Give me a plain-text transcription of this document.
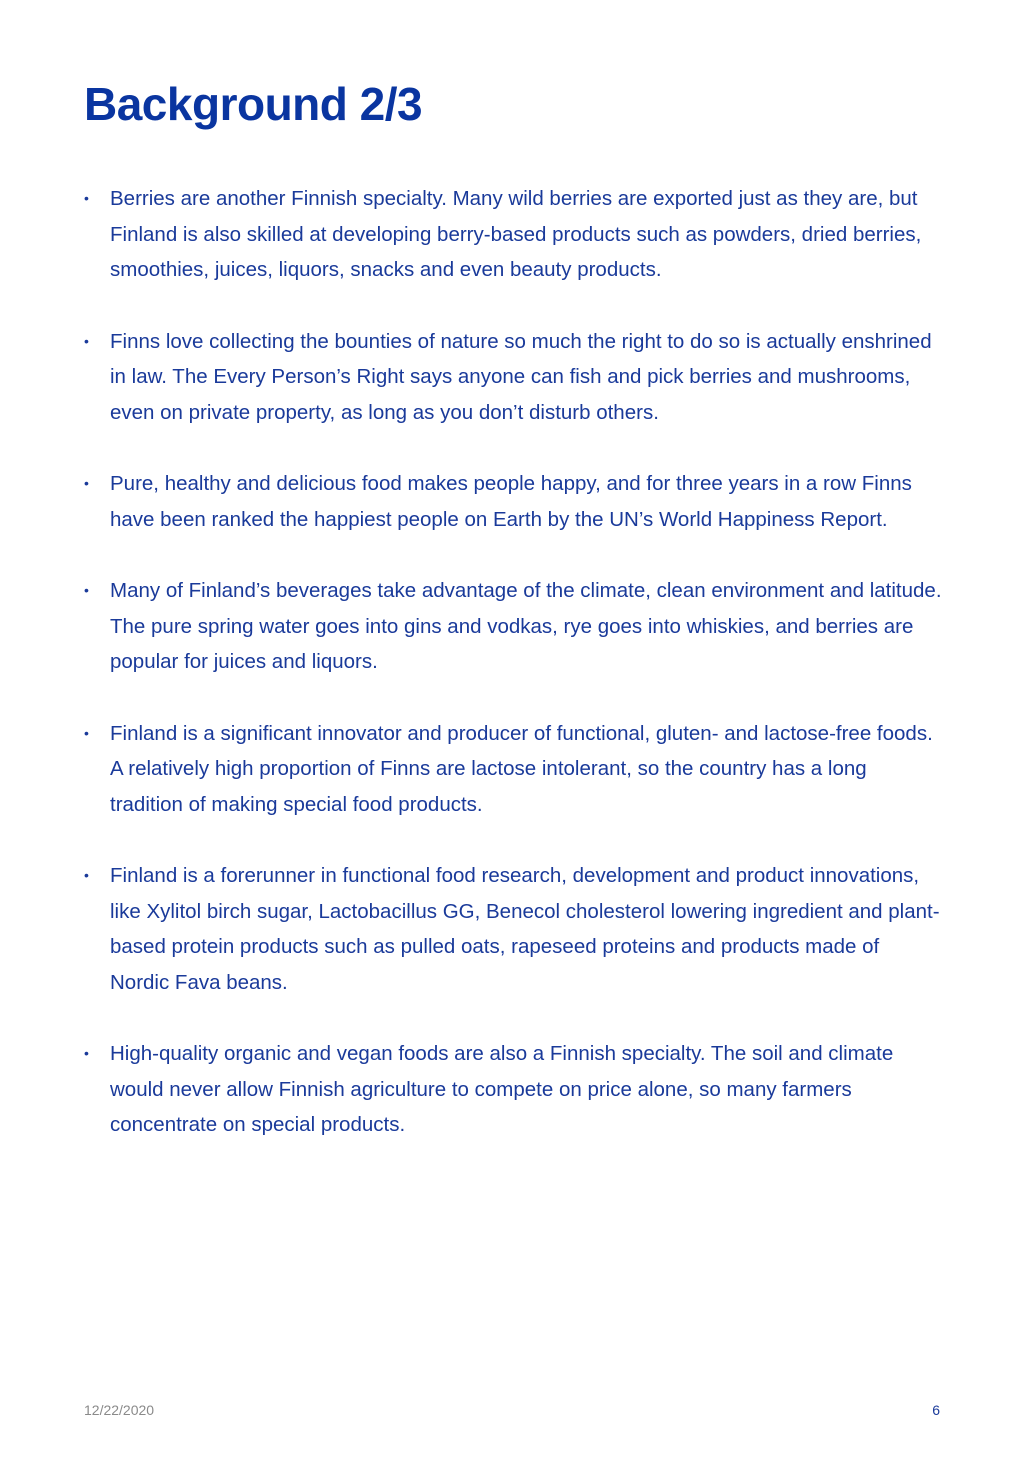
Background 2/3
• Berries are another Finnish specialty. Many wild berries are exported just as they are, but Finland is also skilled at developing berry-based products such as powders, dried berries, smoothies, juices, liquors, snacks and even beauty products.
• Finns love collecting the bounties of nature so much the right to do so is actually enshrined in law. The Every Person’s Right says anyone can fish and pick berries and mushrooms, even on private property, as long as you don’t disturb others.
• Pure, healthy and delicious food makes people happy, and for three years in a row Finns have been ranked the happiest people on Earth by the UN’s World Happiness Report.
• Many of Finland’s beverages take advantage of the climate, clean environment and latitude. The pure spring water goes into gins and vodkas, rye goes into whiskies, and berries are popular for juices and liquors.
• Finland is a significant innovator and producer of functional, gluten- and lactose-free foods. A relatively high proportion of Finns are lactose intolerant, so the country has a long tradition of making special food products.
• Finland is a forerunner in functional food research, development and product innovations, like Xylitol birch sugar, Lactobacillus GG, Benecol cholesterol lowering ingredient and plant-based protein products such as pulled oats, rapeseed proteins and products made of Nordic Fava beans.
• High-quality organic and vegan foods are also a Finnish specialty. The soil and climate would never allow Finnish agriculture to compete on price alone, so many farmers concentrate on special products.
12/22/2020	6
